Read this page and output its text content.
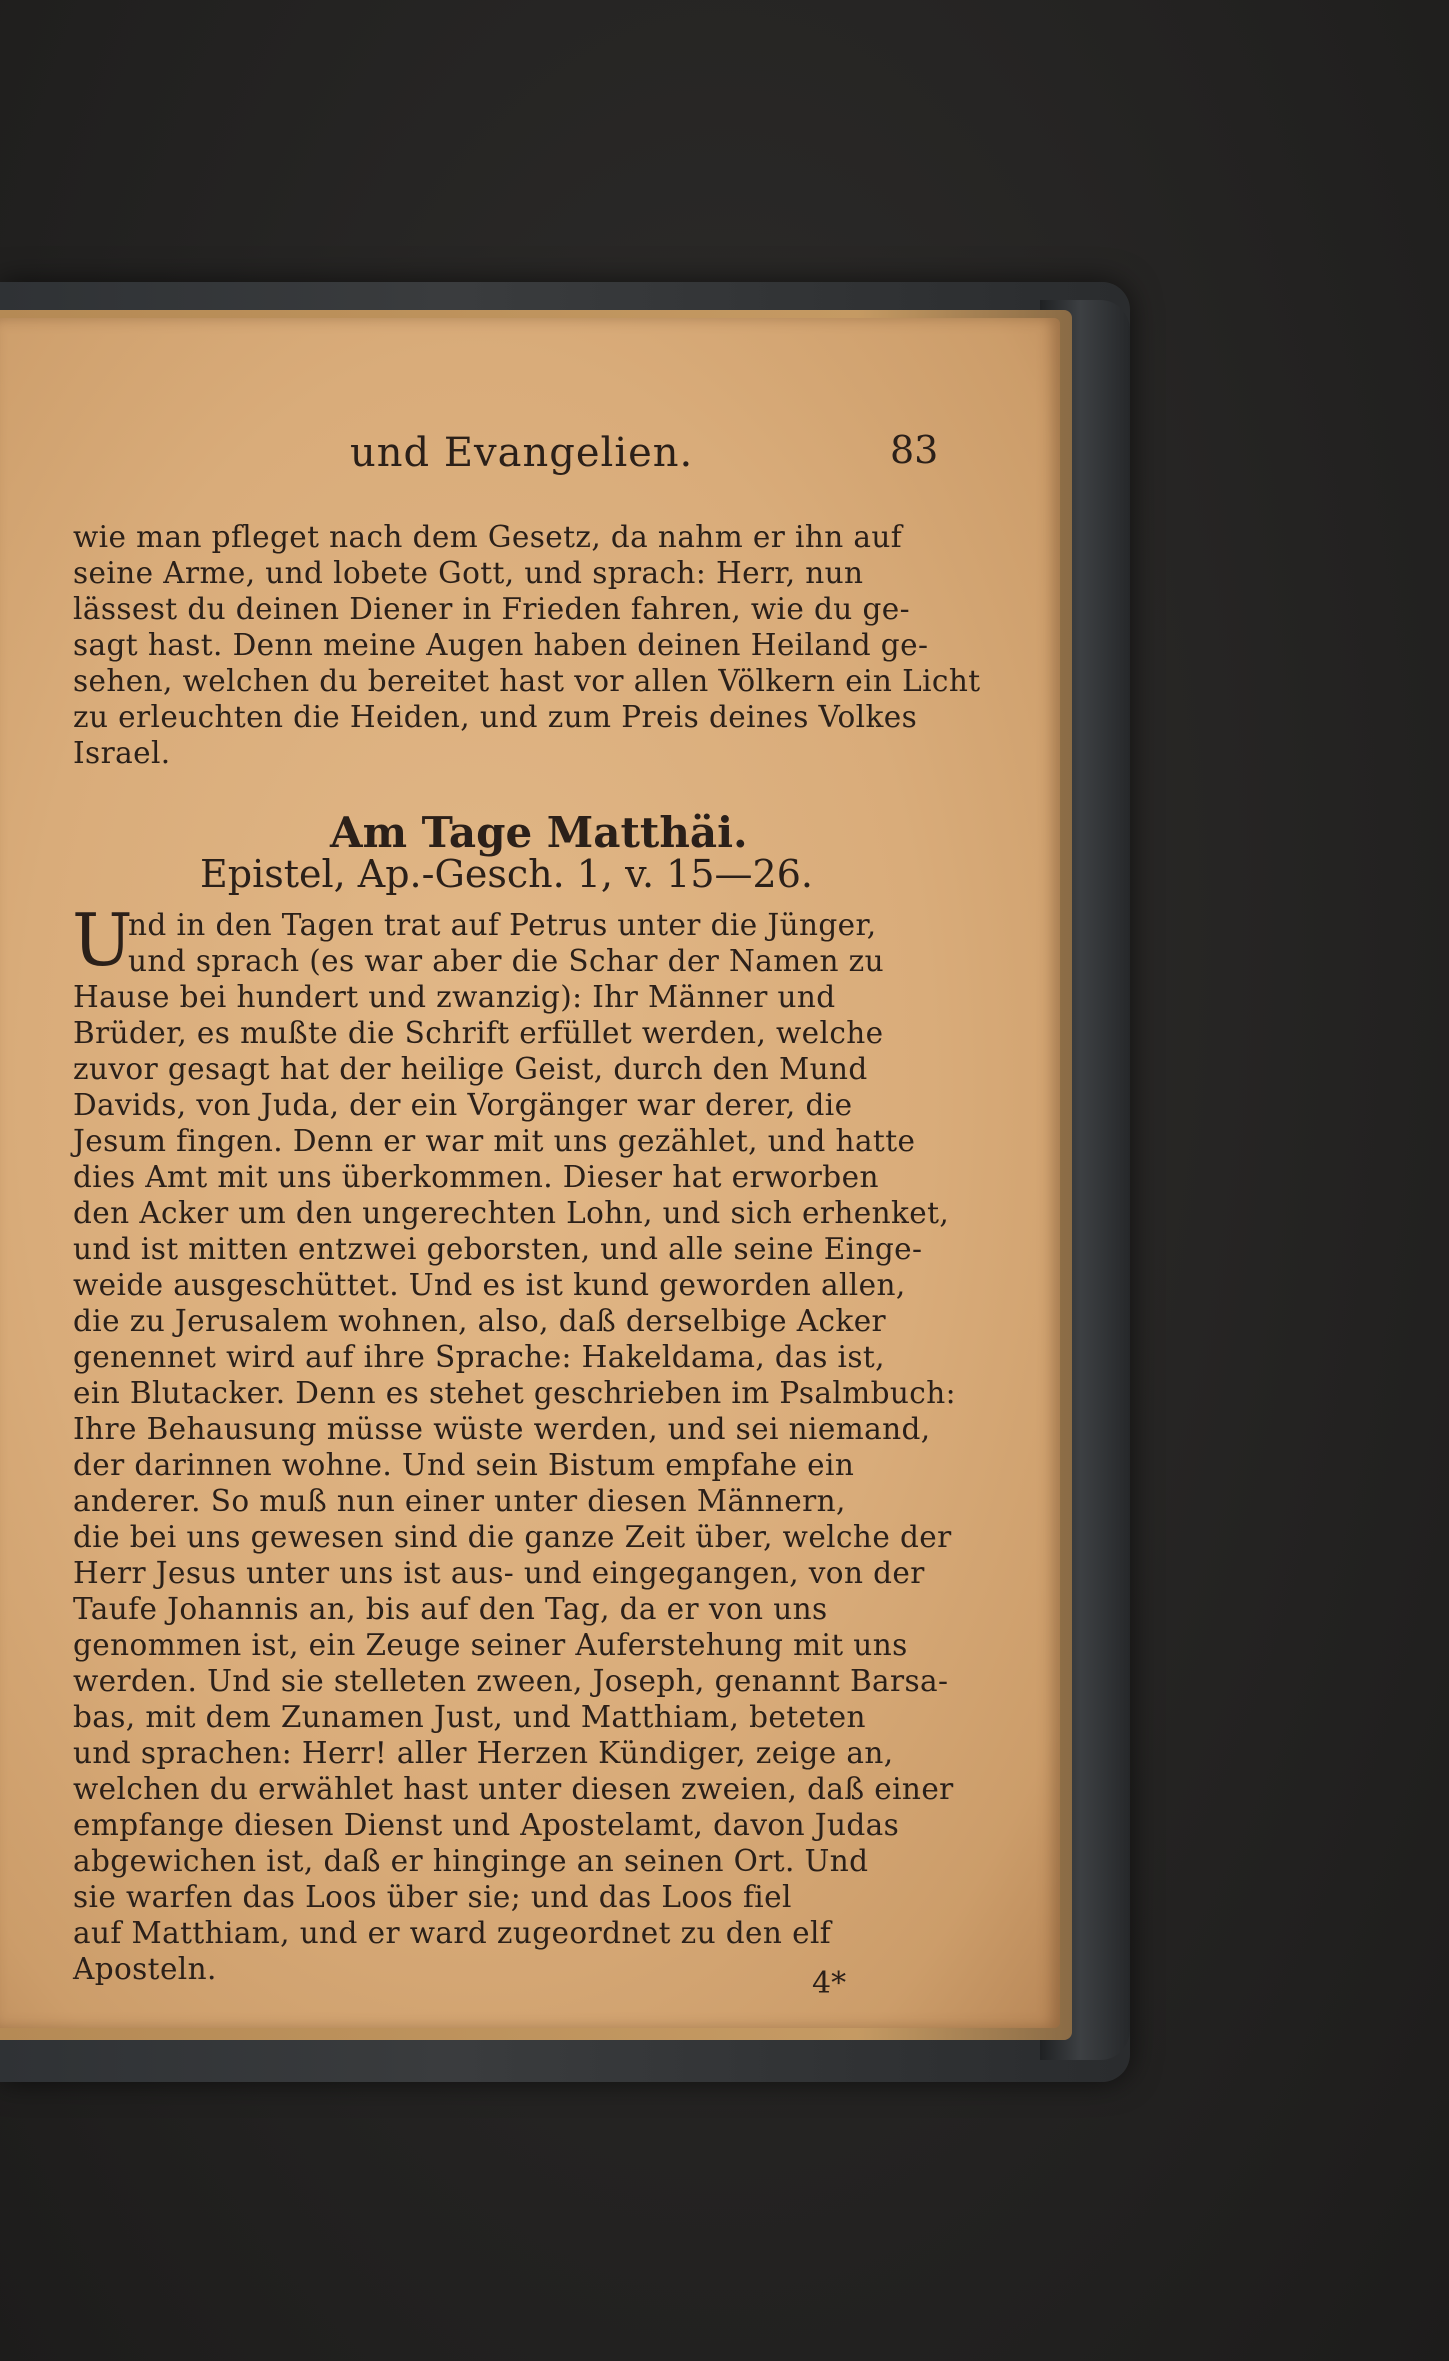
und Evangelien.	83
wie man pfleget nach dem Gesetz, da nahm er ihn auf
seine Arme, und lobete Gott, und sprach: Herr, nun
lässest du deinen Diener in Frieden fahren, wie du ge-
sagt hast. Denn meine Augen haben deinen Heiland ge-
sehen, welchen du bereitet hast vor allen Völkern ein Licht
zu erleuchten die Heiden, und zum Preis deines Volkes
Israel.
Am Tage Matthäi.
Epistel, Ap.-Gesch. 1, v. 15—26.
U
nd in den Tagen trat auf Petrus unter die Jünger,
und sprach (es war aber die Schar der Namen zu
Hause bei hundert und zwanzig): Ihr Männer und
Brüder, es mußte die Schrift erfüllet werden, welche
zuvor gesagt hat der heilige Geist, durch den Mund
Davids, von Juda, der ein Vorgänger war derer, die
Jesum fingen. Denn er war mit uns gezählet, und hatte
dies Amt mit uns überkommen. Dieser hat erworben
den Acker um den ungerechten Lohn, und sich erhenket,
und ist mitten entzwei geborsten, und alle seine Einge-
weide ausgeschüttet. Und es ist kund geworden allen,
die zu Jerusalem wohnen, also, daß derselbige Acker
genennet wird auf ihre Sprache: Hakeldama, das ist,
ein Blutacker. Denn es stehet geschrieben im Psalmbuch:
Ihre Behausung müsse wüste werden, und sei niemand,
der darinnen wohne. Und sein Bistum empfahe ein
anderer. So muß nun einer unter diesen Männern,
die bei uns gewesen sind die ganze Zeit über, welche der
Herr Jesus unter uns ist aus- und eingegangen, von der
Taufe Johannis an, bis auf den Tag, da er von uns
genommen ist, ein Zeuge seiner Auferstehung mit uns
werden. Und sie stelleten zween, Joseph, genannt Barsa-
bas, mit dem Zunamen Just, und Matthiam, beteten
und sprachen: Herr! aller Herzen Kündiger, zeige an,
welchen du erwählet hast unter diesen zweien, daß einer
empfange diesen Dienst und Apostelamt, davon Judas
abgewichen ist, daß er hinginge an seinen Ort. Und
sie warfen das Loos über sie; und das Loos fiel
auf Matthiam, und er ward zugeordnet zu den elf
Aposteln.	4*
